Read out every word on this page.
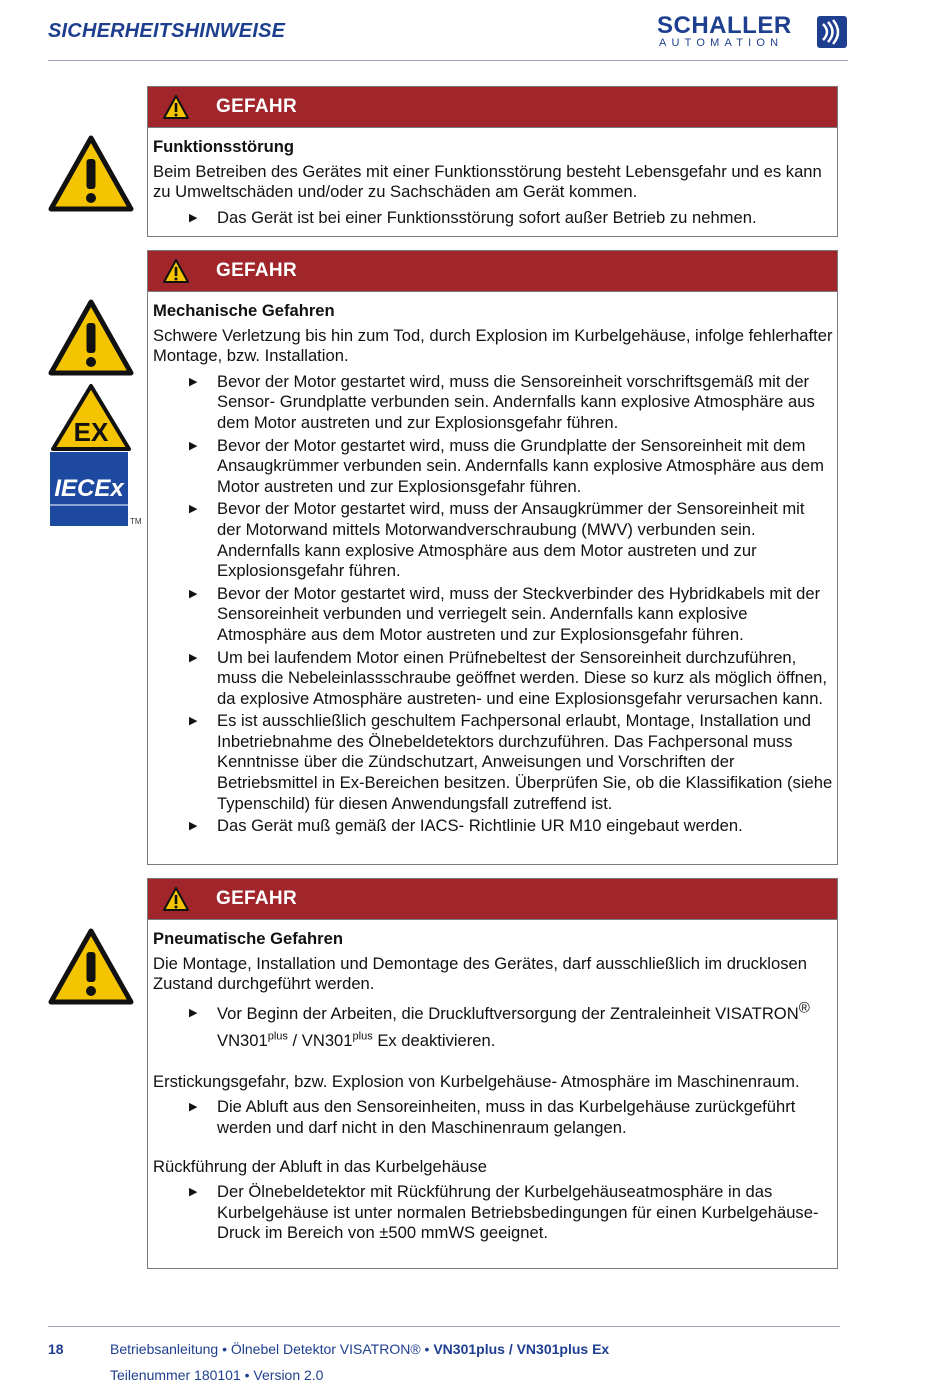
SICHERHEITSHINWEISE	SCHALLER
AUTOMATION
EX
IECEx
TM
GEFAHR
Funktionsstörung

Beim Betreiben des Gerätes mit einer Funktionsstörung besteht Lebensgefahr und es kann zu Umweltschäden und/oder zu Sachschäden am Gerät kommen.

▶ Das Gerät ist bei einer Funktionsstörung sofort außer Betrieb zu nehmen.
GEFAHR
Mechanische Gefahren

Schwere Verletzung bis hin zum Tod, durch Explosion im Kurbelgehäuse, infolge fehlerhafter Montage, bzw. Installation.

▶ Bevor der Motor gestartet wird, muss die Sensoreinheit vorschriftsgemäß mit der Sensor- Grundplatte verbunden sein. Andernfalls kann explosive Atmosphäre aus dem Motor austreten und zur Explosionsgefahr führen.
▶ Bevor der Motor gestartet wird, muss die Grundplatte der Sensoreinheit mit dem Ansaugkrümmer verbunden sein. Andernfalls kann explosive Atmosphäre aus dem Motor austreten und zur Explosionsgefahr führen.
▶ Bevor der Motor gestartet wird, muss der Ansaugkrümmer der Sensoreinheit mit der Motorwand mittels Motorwandverschraubung (MWV) verbunden sein. Andernfalls kann explosive Atmosphäre aus dem Motor austreten und zur Explosionsgefahr führen.
▶ Bevor der Motor gestartet wird, muss der Steckverbinder des Hybridkabels mit der Sensoreinheit verbunden und verriegelt sein. Andernfalls kann explosive Atmosphäre aus dem Motor austreten und zur Explosionsgefahr führen.
▶ Um bei laufendem Motor einen Prüfnebeltest der Sensoreinheit durchzuführen, muss die Nebeleinlassschraube geöffnet werden. Diese so kurz als möglich öffnen, da explosive Atmosphäre austreten- und eine Explosionsgefahr verursachen kann.
▶ Es ist ausschließlich geschultem Fachpersonal erlaubt, Montage, Installation und Inbetriebnahme des Ölnebeldetektors durchzuführen. Das Fachpersonal muss Kenntnisse über die Zündschutzart, Anweisungen und Vorschriften der Betriebsmittel in Ex-Bereichen besitzen. Überprüfen Sie, ob die Klassifikation (siehe Typenschild) für diesen Anwendungsfall zutreffend ist.
▶ Das Gerät muß gemäß der IACS- Richtlinie UR M10 eingebaut werden.
GEFAHR
Pneumatische Gefahren

Die Montage, Installation und Demontage des Gerätes, darf ausschließlich im drucklosen Zustand durchgeführt werden.

▶ Vor Beginn der Arbeiten, die Druckluftversorgung der Zentraleinheit VISATRON® $VN301^{plus} / VN301^{plus}$ Ex deaktivieren.

Erstickungsgefahr, bzw. Explosion von Kurbelgehäuse- Atmosphäre im Maschinenraum.

▶ Die Abluft aus den Sensoreinheiten, muss in das Kurbelgehäuse zurückgeführt werden und darf nicht in den Maschinenraum gelangen.

Rückführung der Abluft in das Kurbelgehäuse

▶ Der Ölnebeldetektor mit Rückführung der Kurbelgehäuseatmosphäre in das Kurbelgehäuse ist unter normalen Betriebsbedingungen für einen Kurbelgehäuse-Druck im Bereich von ±500 mmWS geeignet.
18	Betriebsanleitung • Ölnebel Detektor VISATRON® • VN301plus / VN301plus Ex
Teilenummer 180101 • Version 2.0
